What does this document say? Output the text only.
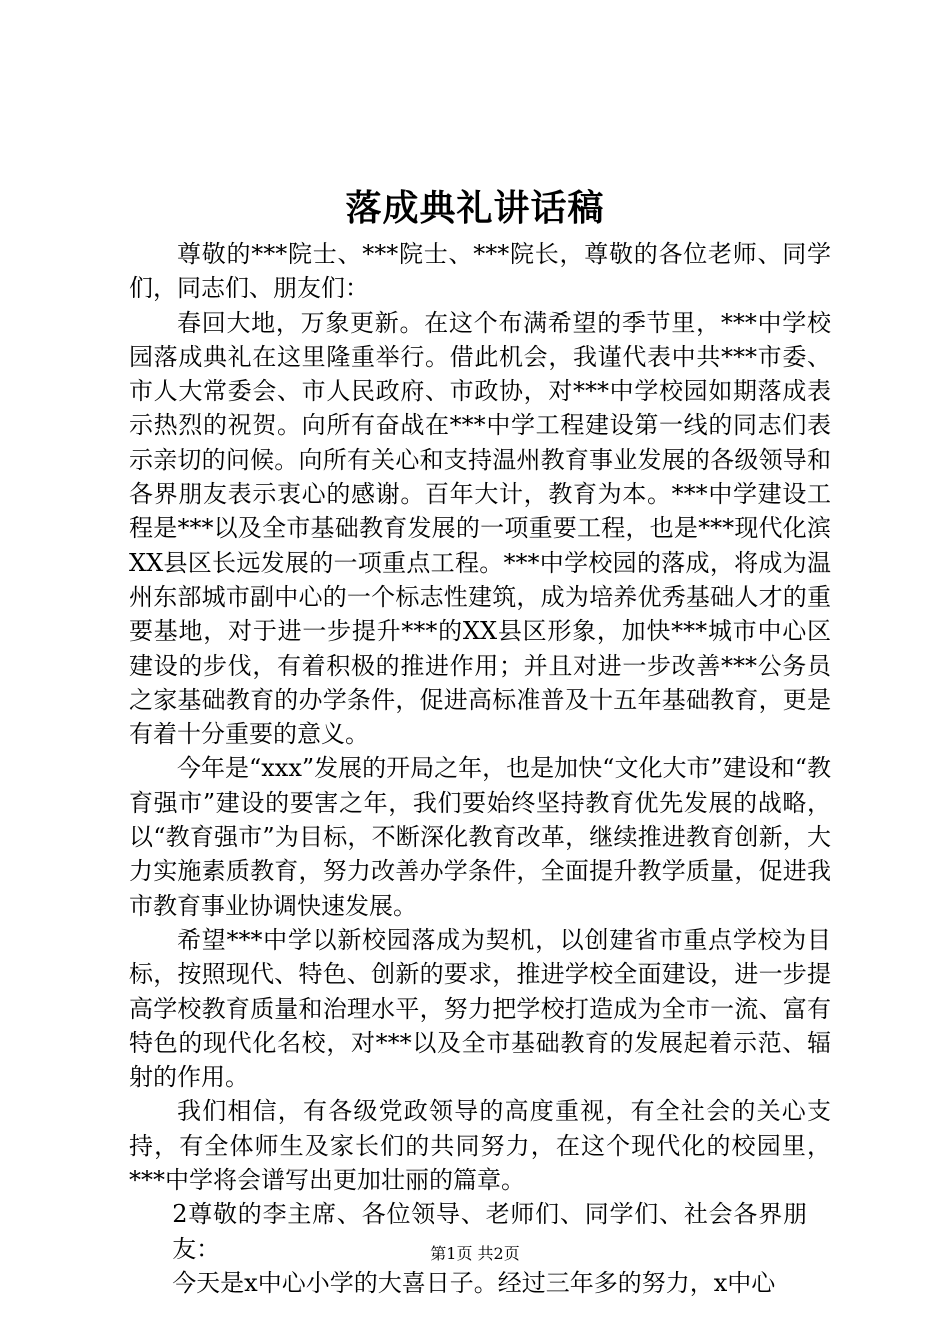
落成典礼讲话稿

尊敬的***院士、***院士、***院长，尊敬的各位老师、同学们，同志们、朋友们：

春回大地，万象更新。在这个布满希望的季节里，***中学校园落成典礼在这里隆重举行。借此机会，我谨代表中共***市委、市人大常委会、市人民政府、市政协，对***中学校园如期落成表示热烈的祝贺。向所有奋战在***中学工程建设第一线的同志们表示亲切的问候。向所有关心和支持温州教育事业发展的各级领导和各界朋友表示衷心的感谢。百年大计，教育为本。***中学建设工程是***以及全市基础教育发展的一项重要工程，也是***现代化滨XX县区长远发展的一项重点工程。***中学校园的落成，将成为温州东部城市副中心的一个标志性建筑，成为培养优秀基础人才的重要基地，对于进一步提升***的XX县区形象，加快***城市中心区建设的步伐，有着积极的推进作用；并且对进一步改善***公务员之家基础教育的办学条件，促进高标准普及十五年基础教育，更是有着十分重要的意义。

今年是“xxx”发展的开局之年，也是加快“文化大市”建设和“教育强市”建设的要害之年，我们要始终坚持教育优先发展的战略，以“教育强市”为目标，不断深化教育改革，继续推进教育创新，大力实施素质教育，努力改善办学条件，全面提升教学质量，促进我市教育事业协调快速发展。

希望***中学以新校园落成为契机，以创建省市重点学校为目标，按照现代、特色、创新的要求，推进学校全面建设，进一步提高学校教育质量和治理水平，努力把学校打造成为全市一流、富有特色的现代化名校，对***以及全市基础教育的发展起着示范、辐射的作用。

我们相信，有各级党政领导的高度重视，有全社会的关心支持，有全体师生及家长们的共同努力，在这个现代化的校园里，***中学将会谱写出更加壮丽的篇章。

2尊敬的李主席、各位领导、老师们、同学们、社会各界朋友：

今天是x中心小学的大喜日子。经过三年多的努力，x中心

第1页 共2页
